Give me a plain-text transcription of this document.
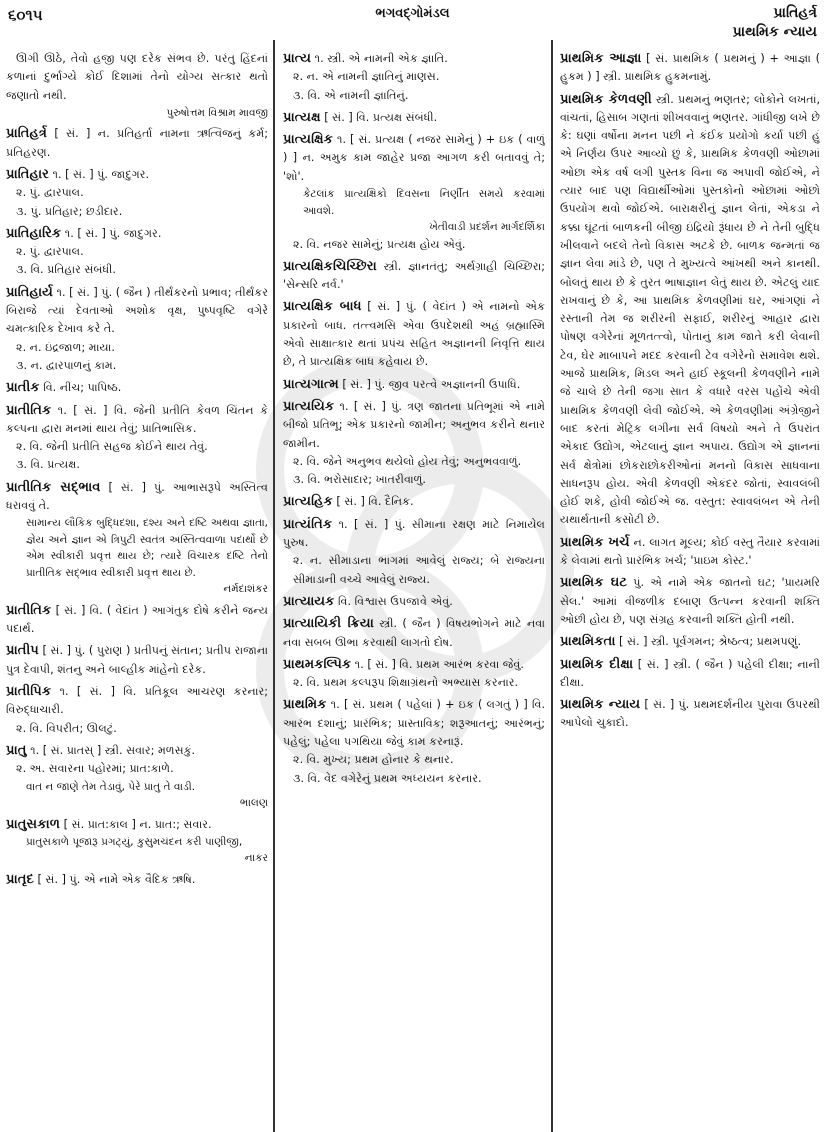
૬૦૧૫	ભગવદ્ગોમંડલ	પ્રાતિહર્ત્ર
પ્રાથમિક ન્યાય
ઊગી ઊઠે, તેવો હજી પણ દરેક સંભવ છે. પરંતુ હિંદનાં કળાનાં દુર્ભાગ્યે કોઈ દિશામાં તેનો યોગ્ય સત્કાર થતો જણાતો નથી.
પુરુષોત્તમ વિશ્રામ માવજી
પ્રાતિહર્ત્ર [ સં. ] ન. પ્રતિહર્તા નામના ઋત્વિજનું કર્મ; પ્રતિહરણ.
પ્રાતિહાર ૧. [ સં. ] પું. જાદુગર.
૨. પું. દ્વારપાલ.
૩. પું. પ્રતિહાર; છડીદાર.
પ્રાતિહારિક ૧. [ સં. ] પું. જાદુગર.
૨. પું. દ્વારપાલ.
૩. વિ. પ્રતિહાર સંબંધી.
પ્રાતિહાર્ય ૧. [ સં. ] પું. ( જૈન ) તીર્થંકરનો પ્રભાવ; તીર્થંકર બિરાજે ત્યાં દેવતાઓ અશોક વૃક્ષ, પુષ્પવૃષ્ટિ વગેરે ચમત્કારિક દેખાવ કરે તે.
૨. ન. ઇંદ્રજાળ; માયા.
૩. ન. દ્વારપાળનું કામ.
પ્રાતીક વિ. નીચ; પાપિષ્ઠ.
પ્રાતીતિક ૧. [ સં. ] વિ. જેની પ્રતીતિ કેવળ ચિંતન કે કલ્પના દ્વારા મનમાં થાય તેવું; પ્રાતિભાસિક.
૨. વિ. જેની પ્રતીતિ સહજ કોઈને થાય તેવું.
૩. વિ. પ્રત્યક્ષ.
પ્રાતીતિક સદ્ભાવ [ સં. ] પું. આભાસરૂપે અસ્તિત્વ ધરાવવું તે.
સામાન્ય લૌકિક બુદ્ધિદશા, દશ્ય અને દષ્ટિ અથવા જ્ઞાતા, જ્ઞેય અને જ્ઞાન એ ત્રિપુટી સ્વતંત્ર અસ્તિત્વવાળા પદાર્થો છે એમ સ્વીકારી પ્રવૃત્ત થાય છે; ત્યારે વિચારક દષ્ટિ તેનો પ્રાતીતિક સદ્ભાવ સ્વીકારી પ્રવૃત્ત થાય છે.
નર્મદાશંકર
પ્રાતીતિક [ સં. ] વિ. ( વેદાંત ) આગંતુક દોષે કરીને જન્ય પદાર્થ.
પ્રાતીપ [ સં. ] પું. ( પુરાણ ) પ્રતીપનું સંતાન; પ્રતીપ રાજાના પુત્ર દેવાપી, શંતનુ અને બાલ્હીક માંહેનો દરેક.
પ્રાતીપિક ૧. [ સં. ] વિ. પ્રતિકૂલ આચરણ કરનાર; વિરુદ્ધાચારી.
૨. વિ. વિપરીત; ઊલટું.
પ્રાતુ ૧. [ સં. પ્રાતસ્ ] સ્ત્રી. સવાર; મળસકું.
૨. અ. સવારના પહોરમાં; પ્રાત:કાળે.
વાત ન જાણે તેમ તેડાવું, પેરે પ્રાતુ તે વાડી.
ભાલણ
પ્રાતુસકાળ [ સં. પ્રાત:કાલ ] ન. પ્રાત:; સવાર.
પ્રાતુસકાળે પૂજારૂ પ્રગટ્યું, કુસુમચંદન કરી પાણીજી,
નાકર
પ્રાતૃદ [ સં. ] પું. એ નામે એક વૈદિક ઋષિ.
પ્રાત્ય ૧. સ્ત્રી. એ નામની એક જ્ઞાતિ.
૨. ન. એ નામની જ્ઞાતિનું માણસ.
૩. વિ. એ નામની જ્ઞાતિનું.
પ્રાત્યક્ષ [ સં. ] વિ. પ્રત્યક્ષ સંબંધી.
પ્રાત્યક્ષિક ૧. [ સં. પ્રત્યક્ષ ( નજર સામેનું ) + ઇક ( વાળું ) ] ન. અમુક કામ જાહેર પ્રજા આગળ કરી બતાવવું તે; 'શો'.
કેટલાંક પ્રાત્યક્ષિકો દિવસના નિર્ણીત સમયે કરવામાં આવશે.
ખેતીવાડી પ્રદર્શન માર્ગદર્શિકા
૨. વિ. નજર સામેનું; પ્રત્યક્ષ હોય એવું.
પ્રાત્યક્ષિકચિચ્છિરા સ્ત્રી. જ્ઞાનતંતુ; અર્થગ્રાહી ચિચ્છિરા; 'સેન્સરિ નર્વ.'
પ્રાત્યક્ષિક બાધ [ સં. ] પું. ( વેદાંત ) એ નામનો એક પ્રકારનો બાધ. તત્ત્વમસિ એવા ઉપદેશથી અહં બ્રહ્માસ્મિ એવો સાક્ષાત્કાર થતાં પ્રપંચ સહિત અજ્ઞાનની નિવૃત્તિ થાય છે, તે પ્રાત્યક્ષિક બાધ કહેવાય છે.
પ્રાત્યગાત્મ [ સં. ] પું. જીવ પરત્વે અજ્ઞાનની ઉપાધિ.
પ્રાત્યયિક ૧. [ સં. ] પું. ત્રણ જાતના પ્રતિભૂમાં એ નામે બીજો પ્રતિભૂ; એક પ્રકારનો જામીન; અનુભવ કરીને થનાર જામીન.
૨. વિ. જેને અનુભવ થયેલો હોય તેવું; અનુભવવાળું.
૩. વિ. ભરોસાદાર; ખાતરીવાળું.
પ્રાત્યહિક [ સં. ] વિ. દૈનિક.
પ્રાત્યંતિક ૧. [ સં. ] પું. સીમાના રક્ષણ માટે નિમાયેલ પુરુષ.
૨. ન. સીમાડાના ભાગમાં આવેલું રાજ્ય; બે રાજ્યના સીમાડાની વચ્ચે આવેલું રાજ્ય.
પ્રાત્યાયક વિ. વિશ્વાસ ઉપજાવે એવું.
પ્રાત્યાયિકી ક્રિયા સ્ત્રી. ( જૈન ) વિષયભોગને માટે નવા નવા સબબ ઊભા કરવાથી લાગતો દોષ.
પ્રાથમકલ્પિક ૧. [ સં. ] વિ. પ્રથમ આરંભ કરવા જેવું.
૨. વિ. પ્રથમ કલ્પરૂપ શિક્ષાગ્રંથનો અભ્યાસ કરનાર.
પ્રાથમિક ૧. [ સં. પ્રથમ ( પહેલાં ) + ઇક ( લગતું ) ] વિ. આરંભ દશાનું; પ્રારંભિક; પ્રાસ્તાવિક; શરૂઆતનું; આરંભનું; પહેલું; પહેલા પગથિયા જેવું કામ કરનારૂં.
૨. વિ. મુખ્ય; પ્રથમ હોનાર કે થનાર.
૩. વિ. વેદ વગેરેનું પ્રથમ અધ્યયન કરનાર.
પ્રાથમિક આજ્ઞા [ સં. પ્રાથમિક ( પ્રથમનું ) + આજ્ઞા ( હુકમ ) ] સ્ત્રી. પ્રાથમિક હુકમનામું.
પ્રાથમિક કેળવણી સ્ત્રી. પ્રથમનું ભણતર; લોકોને લખતાં, વાંચતાં, હિસાબ ગણતાં શીખવવાનું ભણતર. ગાંધીજી લખે છે કે: ઘણાં વર્ષોના મનન પછી ને કંઈક પ્રયોગો કર્યા પછી હું એ નિર્ણય ઉપર આવ્યો છું કે, પ્રાથમિક કેળવણી ઓછામાં ઓછા એક વર્ષ લગી પુસ્તક વિના જ અપાવી જોઈએ, ને ત્યાર બાદ પણ વિદ્યાર્થીઓમાં પુસ્તકોનો ઓછામાં ઓછો ઉપયોગ થવો જોઈએ. બારાક્ષરીનું જ્ઞાન લેતાં, એકડા ને કક્કા ઘૂંટતાં બાળકની બીજી ઇંદ્રિયો રૂંધાય છે ને તેની બુદ્ધિ ખીલવાને બદલે તેનો વિકાસ અટકે છે. બાળક જન્મતાં જ જ્ઞાન લેવા માંડે છે, પણ તે મુખ્યત્વે આંખથી અને કાનથી. બોલતું થાય છે કે તુરત ભાષાજ્ઞાન લેતું થાય છે. એટલું યાદ રાખવાનું છે કે, આ પ્રાથમિક કેળવણીમાં ઘર, આંગણાં ને રસ્તાની તેમ જ શરીરની સફાઈ, શરીરનું આહાર દ્વારા પોષણ વગેરેનાં મૂળતત્ત્વો, પોતાનું કામ જાતે કરી લેવાની ટેવ, ઘેર માબાપને મદદ કરવાની ટેવ વગેરેનો સમાવેશ થશે. આજે પ્રાથમિક, મિડલ અને હાઈ સ્કૂલની કેળવણીને નામે જે ચાલે છે તેની જગા સાત કે વધારે વરસ પહોંચે એવી પ્રાથમિક કેળવણી લેવી જોઈએ. એ કેળવણીમાં અંગ્રેજીને બાદ કરતાં મેટ્રિક લગીના સર્વ વિષયો અને તે ઉપરાંત એકાદ ઉદ્યોગ, એટલાનું જ્ઞાન અપાય. ઉદ્યોગ એ જ્ઞાનનાં સર્વ ક્ષેત્રોમાં છોકરાછોકરીઓનાં મનનો વિકાસ સાધવાના સાધનરૂપ હોય. એવી કેળવણી એકંદર જોતાં, સ્વાવલંબી હોઈ શકે, હોવી જોઈએ જ. વસ્તુત: સ્વાવલંબન એ તેની યથાર્થતાની કસોટી છે.
પ્રાથમિક ખર્ચ ન. લાગત મૂલ્ય; કોઈ વસ્તુ તૈયાર કરવામાં કે લેવામાં થતો પ્રારંભિક ખર્ચ; 'પ્રાઇમ કોસ્ટ.'
પ્રાથમિક ઘટ પું. એ નામે એક જાતનો ઘટ; 'પ્રાયમરિ સેલ.' આમાં વીજળીક દબાણ ઉત્પન્ન કરવાની શક્તિ ઓછી હોય છે, પણ સંગ્રહ કરવાની શક્તિ હોતી નથી.
પ્રાથમિકતા [ સં. ] સ્ત્રી. પૂર્વગમન; શ્રેષ્ઠત્વ; પ્રથમપણું.
પ્રાથમિક દીક્ષા [ સં. ] સ્ત્રી. ( જૈન ) પહેલી દીક્ષા; નાની દીક્ષા.
પ્રાથમિક ન્યાય [ સં. ] પું. પ્રથમદર્શનીય પુરાવા ઉપરથી આપેલો ચુકાદો.
